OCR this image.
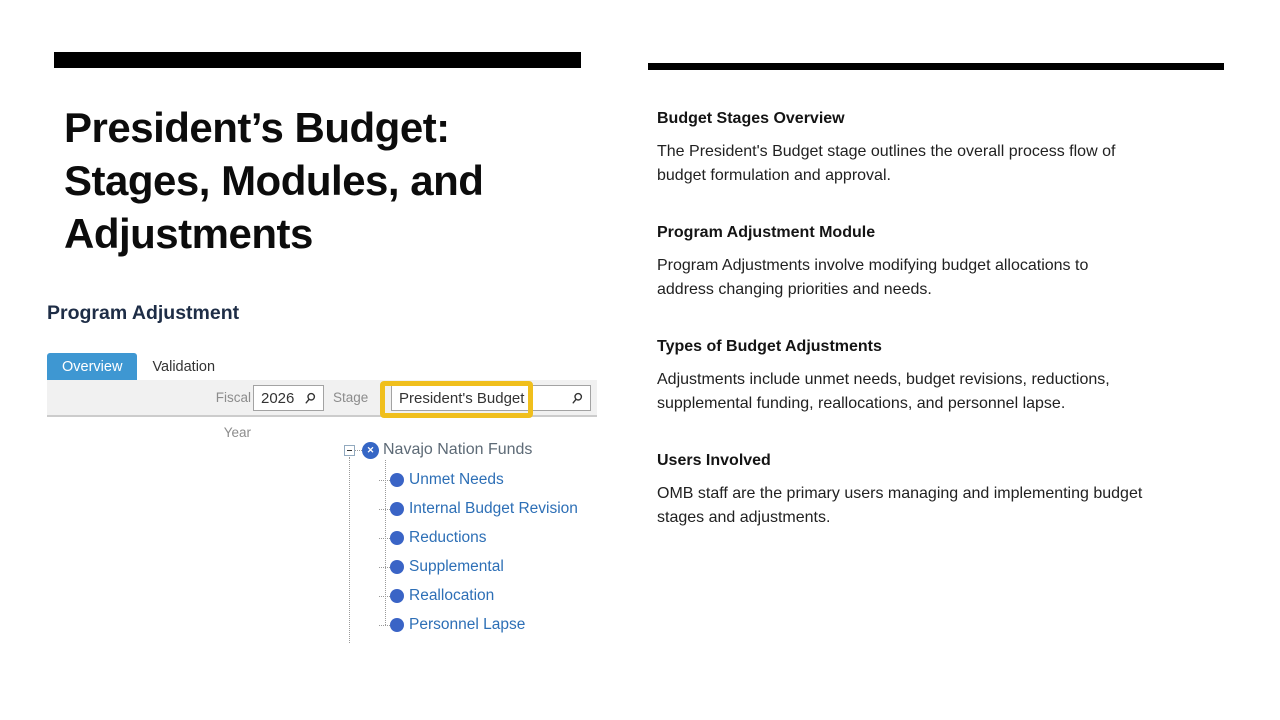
President’s Budget:
Stages, Modules, and
Adjustments
Program Adjustment
Overview	Validation
Fiscal Year
2026	Stage	President's Budget
✕ Navajo Nation Funds
Unmet Needs
Internal Budget Revision
Reductions
Supplemental
Reallocation
Personnel Lapse
Budget Stages Overview
The President's Budget stage outlines the overall process flow of
budget formulation and approval.
Program Adjustment Module
Program Adjustments involve modifying budget allocations to
address changing priorities and needs.
Types of Budget Adjustments
Adjustments include unmet needs, budget revisions, reductions,
supplemental funding, reallocations, and personnel lapse.
Users Involved
OMB staff are the primary users managing and implementing budget
stages and adjustments.
